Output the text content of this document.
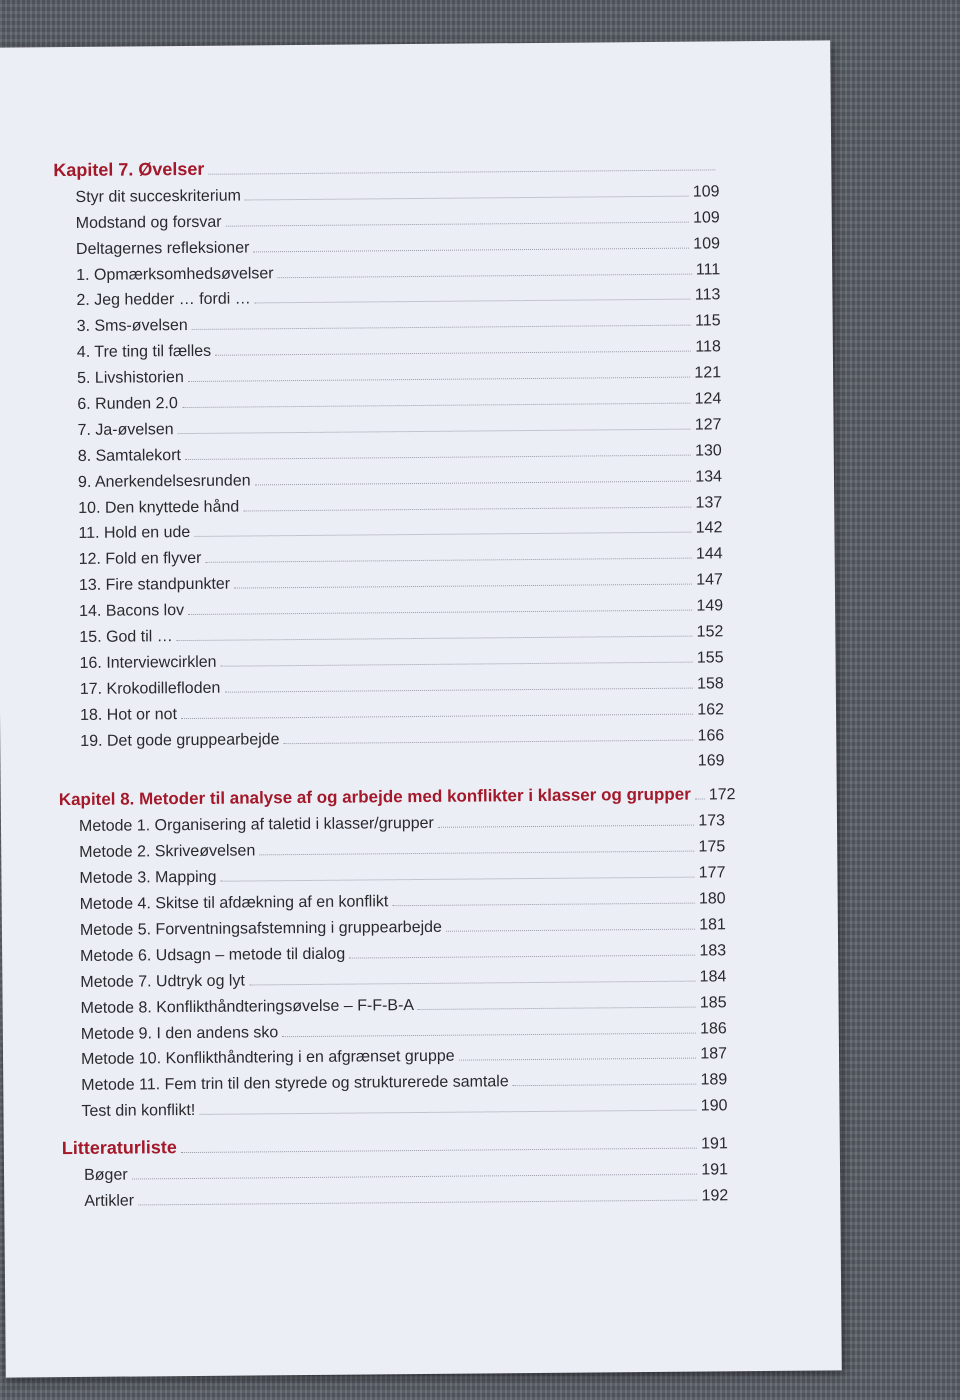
Kapitel 7. Øvelser
Styr dit succeskriterium	109
Modstand og forsvar	109
Deltagernes refleksioner	109
1. Opmærksomhedsøvelser	111
2. Jeg hedder … fordi …	113
3. Sms-øvelsen	115
4. Tre ting til fælles	118
5. Livshistorien	121
6. Runden 2.0	124
7. Ja-øvelsen	127
8. Samtalekort	130
9. Anerkendelsesrunden	134
10. Den knyttede hånd	137
11. Hold en ude	142
12. Fold en flyver	144
13. Fire standpunkter	147
14. Bacons lov	149
15. God til …	152
16. Interviewcirklen	155
17. Krokodillefloden	158
18. Hot or not	162
19. Det gode gruppearbejde	166
169
Kapitel 8. Metoder til analyse af og arbejde med konflikter i klasser og grupper 172
Metode 1. Organisering af taletid i klasser/grupper	173
Metode 2. Skriveøvelsen	175
Metode 3. Mapping	177
Metode 4. Skitse til afdækning af en konflikt	180
Metode 5. Forventningsafstemning i gruppearbejde	181
Metode 6. Udsagn – metode til dialog	183
Metode 7. Udtryk og lyt	184
Metode 8. Konflikthåndteringsøvelse – F-F-B-A	185
Metode 9. I den andens sko	186
Metode 10. Konflikthåndtering i en afgrænset gruppe	187
Metode 11. Fem trin til den styrede og strukturerede samtale	189
Test din konflikt!	190
Litteraturliste	191
Bøger	191
Artikler	192
